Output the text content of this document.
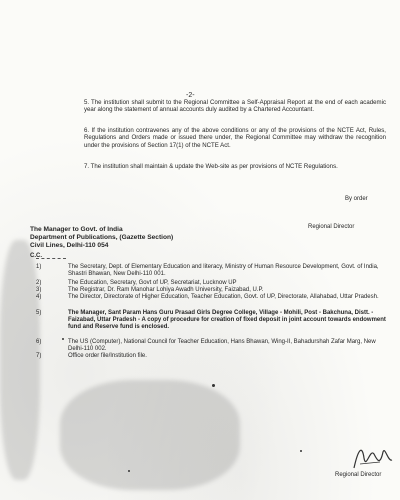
-2-
5. The institution shall submit to the Regional Committee a Self-Appraisal Report at the end of each academic year along the statement of annual accounts duly audited by a Chartered Accountant.
6. If the institution contravenes any of the above conditions or any of the provisions of the NCTE Act, Rules, Regulations and Orders made or issued there under, the Regional Committee may withdraw the recognition under the provisions of Section 17(1) of the NCTE Act.
7. The institution shall maintain & update the Web-site as per provisions of NCTE Regulations.
By order
Regional Director
The Manager to Govt. of India
Department of Publications, (Gazette Section)
Civil Lines, Delhi-110 054
C.C.
1)	The Secretary, Dept. of Elementary Education and literacy, Ministry of Human Resource Development, Govt. of India, Shastri Bhawan, New Delhi-110 001.
2)	The Education, Secretary, Govt of UP, Secretariat, Lucknow UP
3)	The Registrar, Dr. Ram Manohar Lohiya Awadh University, Faizabad, U.P.
4)	The Director, Directorate of Higher Education, Teacher Education, Govt. of UP, Directorate, Allahabad, Uttar Pradesh.
5)	The Manager, Sant Param Hans Guru Prasad Girls Degree College, Village - Mohili, Post - Bakchuna, Distt. - Faizabad, Uttar Pradesh - A copy of procedure for creation of fixed deposit in joint account towards endowment fund and Reserve fund is enclosed.
6)	The US (Computer), National Council for Teacher Education, Hans Bhawan, Wing-II, Bahadurshah Zafar Marg, New Delhi-110 002.
7)	Office order file/Institution file.
Regional Director
